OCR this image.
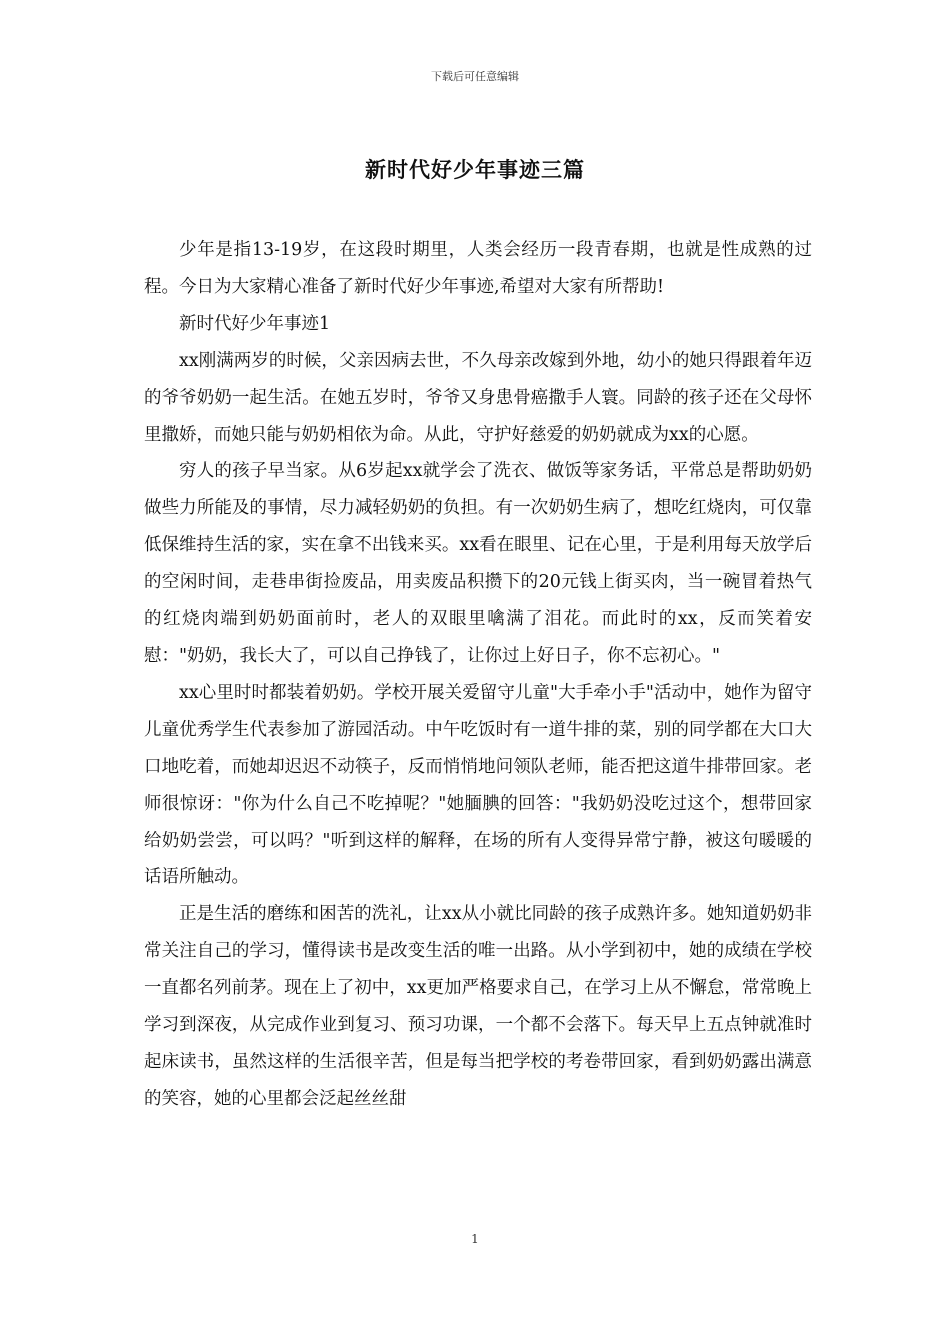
下载后可任意编辑
新时代好少年事迹三篇

少年是指13-19岁，在这段时期里，人类会经历一段青春期，也就是性成熟的过程。今日为大家精心准备了新时代好少年事迹,希望对大家有所帮助!

新时代好少年事迹1

xx刚满两岁的时候，父亲因病去世，不久母亲改嫁到外地，幼小的她只得跟着年迈的爷爷奶奶一起生活。在她五岁时，爷爷又身患骨癌撒手人寰。同龄的孩子还在父母怀里撒娇，而她只能与奶奶相依为命。从此，守护好慈爱的奶奶就成为xx的心愿。

穷人的孩子早当家。从6岁起xx就学会了洗衣、做饭等家务话，平常总是帮助奶奶做些力所能及的事情，尽力减轻奶奶的负担。有一次奶奶生病了，想吃红烧肉，可仅靠低保维持生活的家，实在拿不出钱来买。xx看在眼里、记在心里，于是利用每天放学后的空闲时间，走巷串街捡废品，用卖废品积攒下的20元钱上街买肉，当一碗冒着热气的红烧肉端到奶奶面前时，老人的双眼里噙满了泪花。而此时的xx，反而笑着安慰："奶奶，我长大了，可以自己挣钱了，让你过上好日子，你不忘初心。"

xx心里时时都装着奶奶。学校开展关爱留守儿童"大手牵小手"活动中，她作为留守儿童优秀学生代表参加了游园活动。中午吃饭时有一道牛排的菜，别的同学都在大口大口地吃着，而她却迟迟不动筷子，反而悄悄地问领队老师，能否把这道牛排带回家。老师很惊讶："你为什么自己不吃掉呢？"她腼腆的回答："我奶奶没吃过这个，想带回家给奶奶尝尝，可以吗？"听到这样的解释，在场的所有人变得异常宁静，被这句暖暖的话语所触动。

正是生活的磨练和困苦的洗礼，让xx从小就比同龄的孩子成熟许多。她知道奶奶非常关注自己的学习，懂得读书是改变生活的唯一出路。从小学到初中，她的成绩在学校一直都名列前茅。现在上了初中，xx更加严格要求自己，在学习上从不懈怠，常常晚上学习到深夜，从完成作业到复习、预习功课，一个都不会落下。每天早上五点钟就准时起床读书，虽然这样的生活很辛苦，但是每当把学校的考卷带回家，看到奶奶露出满意的笑容，她的心里都会泛起丝丝甜

1
